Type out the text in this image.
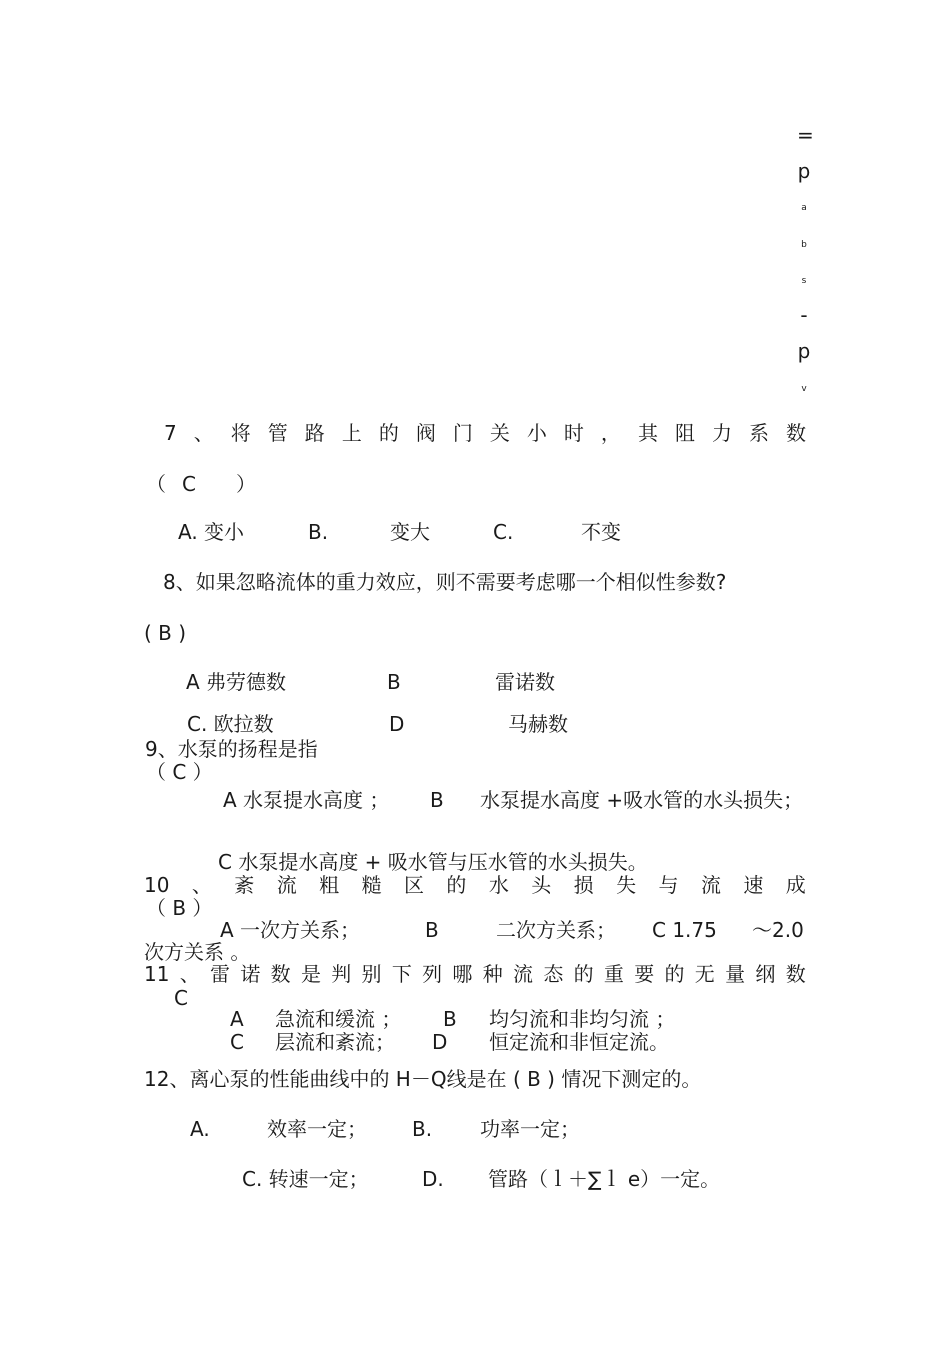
=
p
a
b
s
-
p
v
7 、 将 管 路 上 的 阀 门 关 小 时 ， 其 阻 力 系 数
（ C ）
A. 变小	B.	变大	C.	不变
8、如果忽略流体的重力效应，则不需要考虑哪一个相似性参数?
( B )
A 弗劳德数	B	雷诺数
C. 欧拉数	D	马赫数
9、水泵的扬程是指
（ C ）
A 水泵提水高度 ； B 水泵提水高度 +吸水管的水头损失；
C 水泵提水高度 + 吸水管与压水管的水头损失。
10 、 紊 流 粗 糙 区 的 水 头 损 失 与 流 速 成
（ B ）
A 一次方关系；	B	二次方关系； C 1.75 ～2.0
次方关系 。
11 、 雷 诺 数 是 判 别 下 列 哪 种 流 态 的 重 要 的 无 量 纲 数
C
A 急流和缓流 ； B 均匀流和非均匀流 ；
C 层流和紊流； D 恒定流和非恒定流。
12、离心泵的性能曲线中的 H－Q线是在 ( B ) 情况下测定的。
A.	效率一定； B. 功率一定；
C. 转速一定；	D. 管路（ｌ＋∑ｌ e）一定。
